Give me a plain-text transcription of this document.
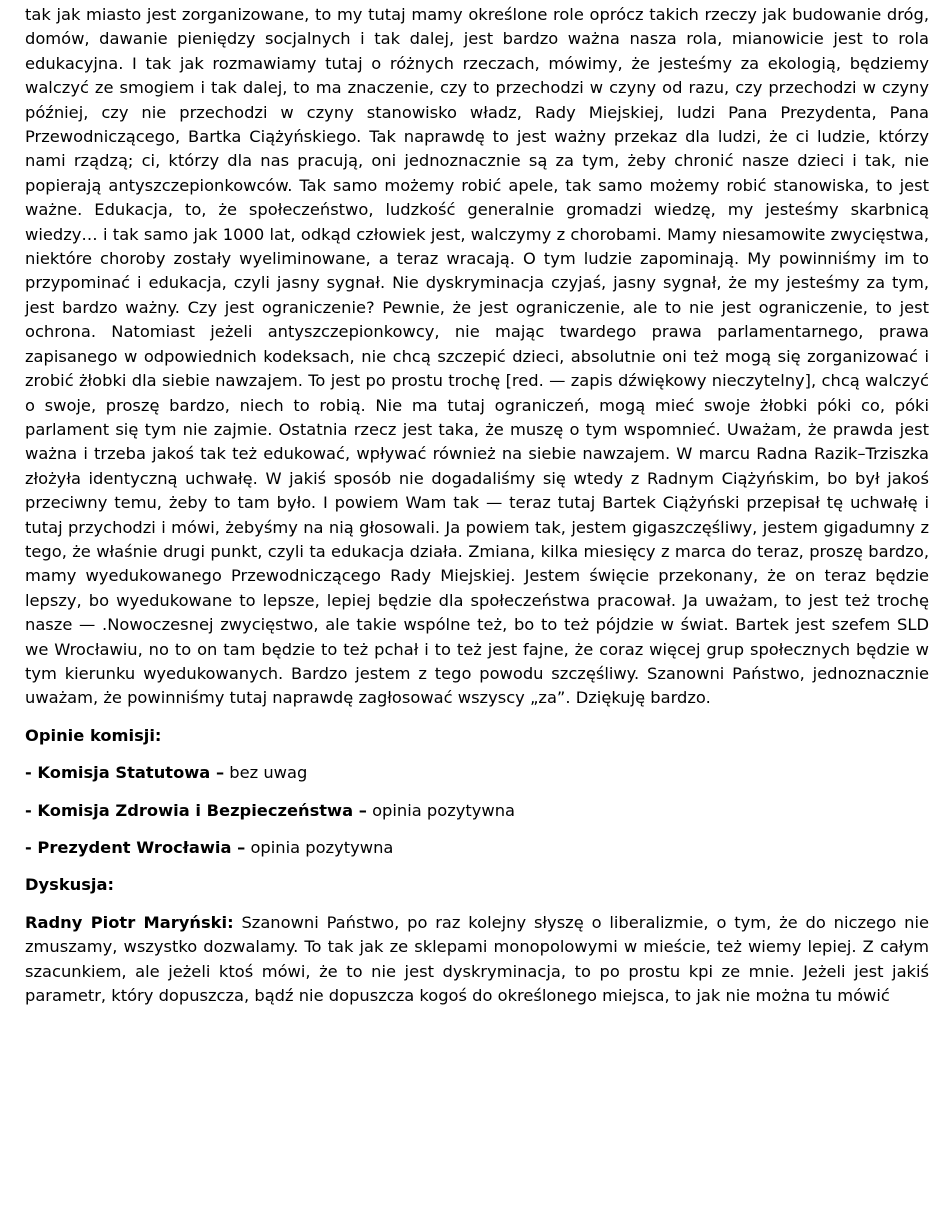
tak jak miasto jest zorganizowane, to my tutaj mamy określone role oprócz takich rzeczy jak budowanie dróg, domów, dawanie pieniędzy socjalnych i tak dalej, jest bardzo ważna nasza rola, mianowicie jest to rola edukacyjna. I tak jak rozmawiamy tutaj o różnych rzeczach, mówimy, że jesteśmy za ekologią, będziemy walczyć ze smogiem i tak dalej, to ma znaczenie, czy to przechodzi w czyny od razu, czy przechodzi w czyny później, czy nie przechodzi w czyny stanowisko władz, Rady Miejskiej, ludzi Pana Prezydenta, Pana Przewodniczącego, Bartka Ciążyńskiego. Tak naprawdę to jest ważny przekaz dla ludzi, że ci ludzie, którzy nami rządzą; ci, którzy dla nas pracują, oni jednoznacznie są za tym, żeby chronić nasze dzieci i tak, nie popierają antyszczepionkowców. Tak samo możemy robić apele, tak samo możemy robić stanowiska, to jest ważne. Edukacja, to, że społeczeństwo, ludzkość generalnie gromadzi wiedzę, my jesteśmy skarbnicą wiedzy… i tak samo jak 1000 lat, odkąd człowiek jest, walczymy z chorobami. Mamy niesamowite zwycięstwa, niektóre choroby zostały wyeliminowane, a teraz wracają. O tym ludzie zapominają. My powinniśmy im to przypominać i edukacja, czyli jasny sygnał. Nie dyskryminacja czyjaś, jasny sygnał, że my jesteśmy za tym, jest bardzo ważny. Czy jest ograniczenie? Pewnie, że jest ograniczenie, ale to nie jest ograniczenie, to jest ochrona. Natomiast jeżeli antyszczepionkowcy, nie mając twardego prawa parlamentarnego, prawa zapisanego w odpowiednich kodeksach, nie chcą szczepić dzieci, absolutnie oni też mogą się zorganizować i zrobić żłobki dla siebie nawzajem. To jest po prostu trochę [red. — zapis dźwiękowy nieczytelny], chcą walczyć o swoje, proszę bardzo, niech to robią. Nie ma tutaj ograniczeń, mogą mieć swoje żłobki póki co, póki parlament się tym nie zajmie. Ostatnia rzecz jest taka, że muszę o tym wspomnieć. Uważam, że prawda jest ważna i trzeba jakoś tak też edukować, wpływać również na siebie nawzajem. W marcu Radna Razik–Trziszka złożyła identyczną uchwałę. W jakiś sposób nie dogadaliśmy się wtedy z Radnym Ciążyńskim, bo był jakoś przeciwny temu, żeby to tam było. I powiem Wam tak — teraz tutaj Bartek Ciążyński przepisał tę uchwałę i tutaj przychodzi i mówi, żebyśmy na nią głosowali. Ja powiem tak, jestem gigaszczęśliwy, jestem gigadumny z tego, że właśnie drugi punkt, czyli ta edukacja działa. Zmiana, kilka miesięcy z marca do teraz, proszę bardzo, mamy wyedukowanego Przewodniczącego Rady Miejskiej. Jestem święcie przekonany, że on teraz będzie lepszy, bo wyedukowane to lepsze, lepiej będzie dla społeczeństwa pracował. Ja uważam, to jest też trochę nasze — .Nowoczesnej zwycięstwo, ale takie wspólne też, bo to też pójdzie w świat. Bartek jest szefem SLD we Wrocławiu, no to on tam będzie to też pchał i to też jest fajne, że coraz więcej grup społecznych będzie w tym kierunku wyedukowanych. Bardzo jestem z tego powodu szczęśliwy. Szanowni Państwo, jednoznacznie uważam, że powinniśmy tutaj naprawdę zagłosować wszyscy „za”. Dziękuję bardzo.

Opinie komisji:

- Komisja Statutowa – bez uwag

- Komisja Zdrowia i Bezpieczeństwa – opinia pozytywna

- Prezydent Wrocławia – opinia pozytywna

Dyskusja:

Radny Piotr Maryński: Szanowni Państwo, po raz kolejny słyszę o liberalizmie, o tym, że do niczego nie zmuszamy, wszystko dozwalamy. To tak jak ze sklepami monopolowymi w mieście, też wiemy lepiej. Z całym szacunkiem, ale jeżeli ktoś mówi, że to nie jest dyskryminacja, to po prostu kpi ze mnie. Jeżeli jest jakiś parametr, który dopuszcza, bądź nie dopuszcza kogoś do określonego miejsca, to jak nie można tu mówić
